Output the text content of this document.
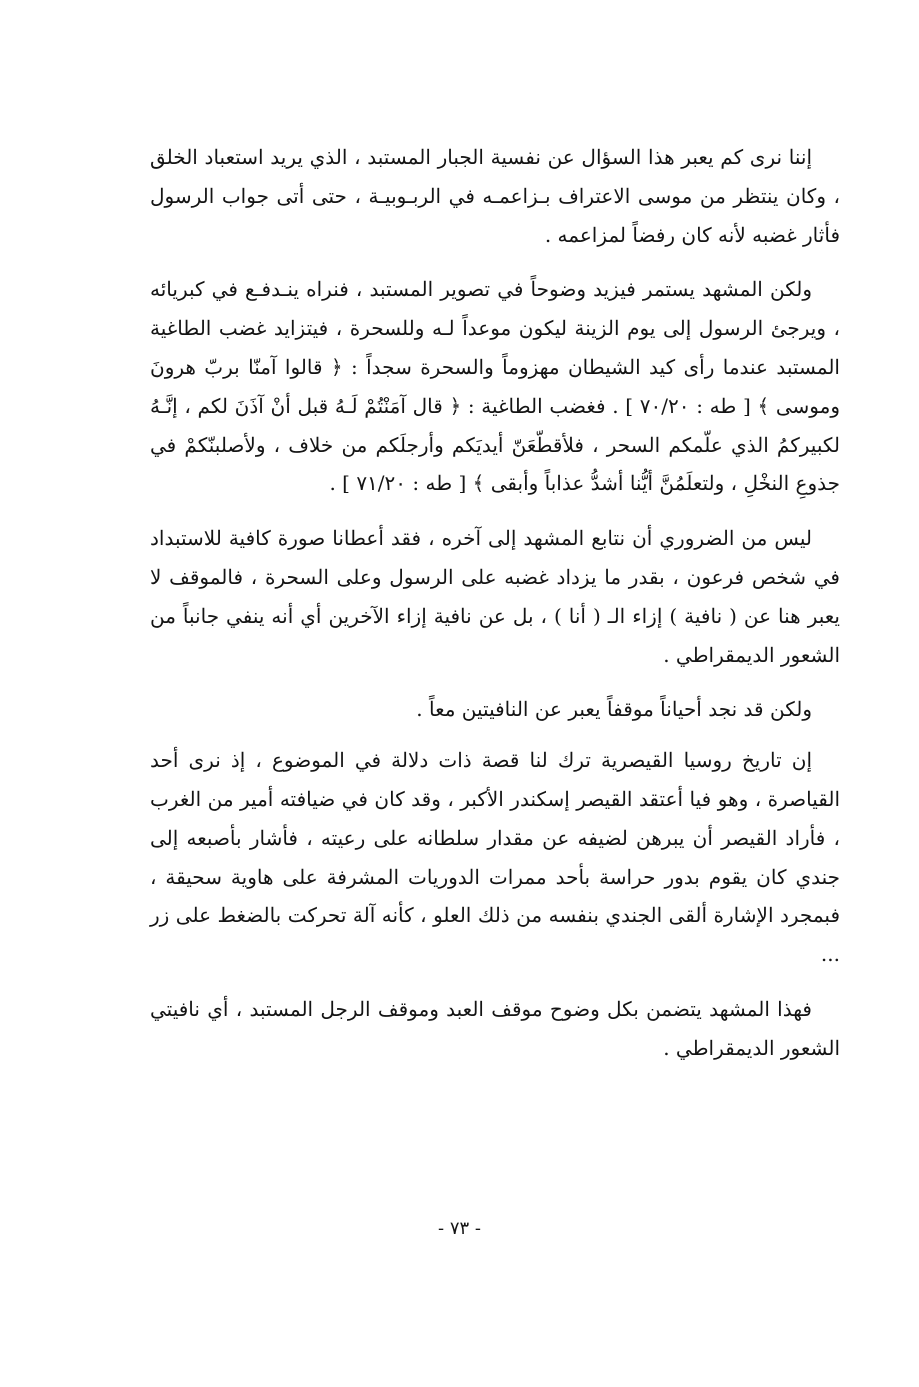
إننا نرى كم يعبر هذا السؤال عن نفسية الجبار المستبد ، الذي يريد استعباد الخلق ، وكان ينتظر من موسى الاعتراف بـزاعمـه في الربـوبيـة ، حتى أتى جواب الرسول فأثار غضبه لأنه كان رفضاً لمزاعمه .

ولكن المشهد يستمر فيزيد وضوحاً في تصوير المستبد ، فنراه ينـدفـع في كبريائه ، ويرجئ الرسول إلى يوم الزينة ليكون موعداً لـه وللسحرة ، فيتزايد غضب الطاغية المستبد عندما رأى كيد الشيطان مهزوماً والسحرة سجداً : ﴿ قالوا آمنّا بربّ هرونَ وموسى ﴾ [ طه : ٧٠/٢٠ ] . فغضب الطاغية : ﴿ قال آمَنْتُمْ لَـهُ قبل أنْ آذَنَ لكم ، إنَّـهُ لكبيركمُ الذي علّمكم السحر ، فلأقطّعَنّ أيديَكم وأرجلَكم من خلاف ، ولأصلبنّكمْ في جذوعِ النخْلِ ، ولتعلَمُنَّ أيُّنا أشدُّ عذاباً وأبقى ﴾ [ طه : ٧١/٢٠ ] .

ليس من الضروري أن نتابع المشهد إلى آخره ، فقد أعطانا صورة كافية للاستبداد في شخص فرعون ، بقدر ما يزداد غضبه على الرسول وعلى السحرة ، فالموقف لا يعبر هنا عن ( نافية ) إزاء الـ ( أنا ) ، بل عن نافية إزاء الآخرين أي أنه ينفي جانباً من الشعور الديمقراطي .

ولكن قد نجد أحياناً موقفاً يعبر عن النافيتين معاً .

إن تاريخ روسيا القيصرية ترك لنا قصة ذات دلالة في الموضوع ، إذ نرى أحد القياصرة ، وهو فيا أعتقد القيصر إسكندر الأكبر ، وقد كان في ضيافته أمير من الغرب ، فأراد القيصر أن يبرهن لضيفه عن مقدار سلطانه على رعيته ، فأشار بأصبعه إلى جندي كان يقوم بدور حراسة بأحد ممرات الدوريات المشرفة على هاوية سحيقة ، فبمجرد الإشارة ألقى الجندي بنفسه من ذلك العلو ، كأنه آلة تحركت بالضغط على زر ...

فهذا المشهد يتضمن بكل وضوح موقف العبد وموقف الرجل المستبد ، أي نافيتي الشعور الديمقراطي .

- ٧٣ -
